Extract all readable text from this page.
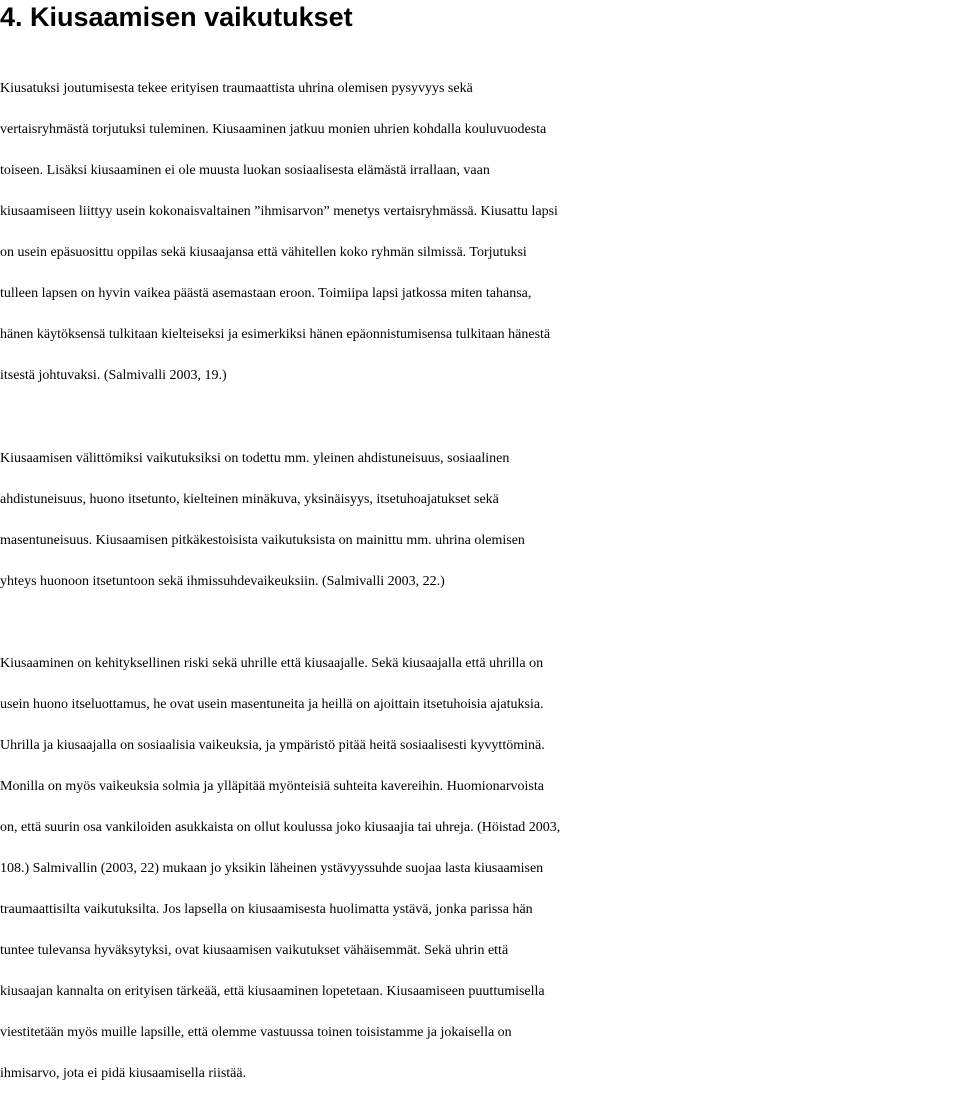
4. Kiusaamisen vaikutukset
Kiusatuksi joutumisesta tekee erityisen traumaattista uhrina olemisen pysyvyys sekä
vertaisryhmästä torjutuksi tuleminen. Kiusaaminen jatkuu monien uhrien kohdalla kouluvuodesta
toiseen. Lisäksi kiusaaminen ei ole muusta luokan sosiaalisesta elämästä irrallaan, vaan
kiusaamiseen liittyy usein kokonaisvaltainen ”ihmisarvon” menetys vertaisryhmässä. Kiusattu lapsi
on usein epäsuosittu oppilas sekä kiusaajansa että vähitellen koko ryhmän silmissä. Torjutuksi
tulleen lapsen on hyvin vaikea päästä asemastaan eroon. Toimiipa lapsi jatkossa miten tahansa,
hänen käytöksensä tulkitaan kielteiseksi ja esimerkiksi hänen epäonnistumisensa tulkitaan hänestä
itsestä johtuvaksi. (Salmivalli 2003, 19.)
Kiusaamisen välittömiksi vaikutuksiksi on todettu mm. yleinen ahdistuneisuus, sosiaalinen
ahdistuneisuus, huono itsetunto, kielteinen minäkuva, yksinäisyys, itsetuhoajatukset sekä
masentuneisuus. Kiusaamisen pitkäkestoisista vaikutuksista on mainittu mm. uhrina olemisen
yhteys huonoon itsetuntoon sekä ihmissuhdevaikeuksiin. (Salmivalli 2003, 22.)
Kiusaaminen on kehityksellinen riski sekä uhrille että kiusaajalle. Sekä kiusaajalla että uhrilla on
usein huono itseluottamus, he ovat usein masentuneita ja heillä on ajoittain itsetuhoisia ajatuksia.
Uhrilla ja kiusaajalla on sosiaalisia vaikeuksia, ja ympäristö pitää heitä sosiaalisesti kyvyttöminä.
Monilla on myös vaikeuksia solmia ja ylläpitää myönteisiä suhteita kavereihin. Huomionarvoista
on, että suurin osa vankiloiden asukkaista on ollut koulussa joko kiusaajia tai uhreja. (Höistad 2003,
108.) Salmivallin (2003, 22) mukaan jo yksikin läheinen ystävyyssuhde suojaa lasta kiusaamisen
traumaattisilta vaikutuksilta. Jos lapsella on kiusaamisesta huolimatta ystävä, jonka parissa hän
tuntee tulevansa hyväksytyksi, ovat kiusaamisen vaikutukset vähäisemmät. Sekä uhrin että
kiusaajan kannalta on erityisen tärkeää, että kiusaaminen lopetetaan. Kiusaamiseen puuttumisella
viestitetään myös muille lapsille, että olemme vastuussa toinen toisistamme ja jokaisella on
ihmisarvo, jota ei pidä kiusaamisella riistää.
